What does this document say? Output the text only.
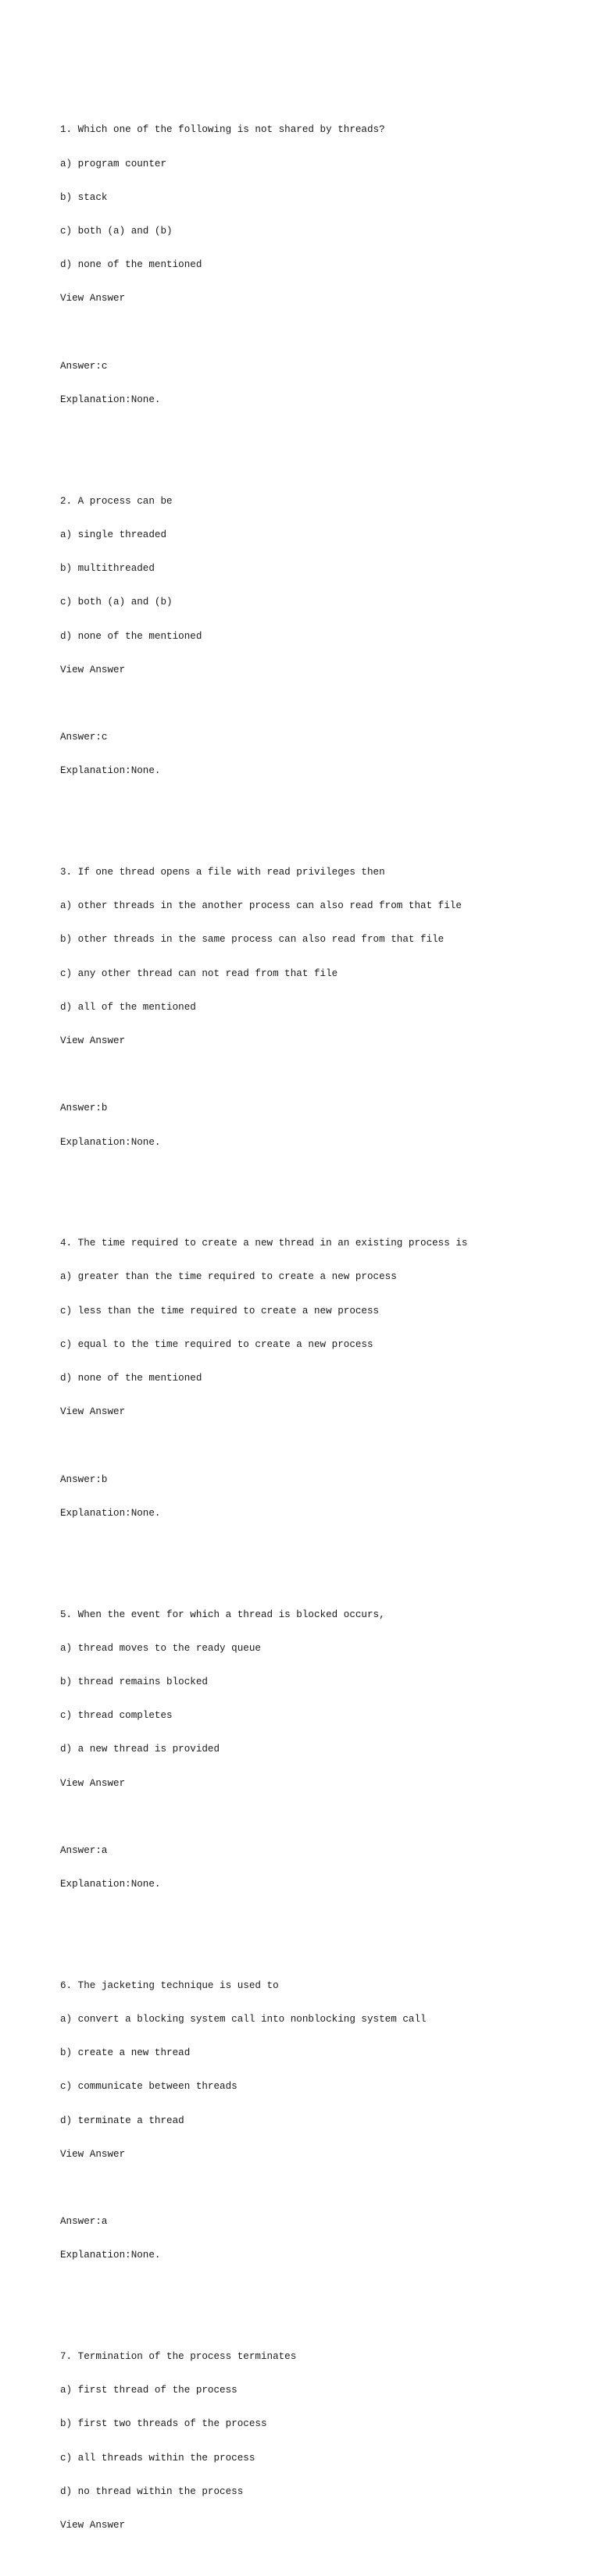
1. Which one of the following is not shared by threads?

a) program counter

b) stack

c) both (a) and (b)

d) none of the mentioned

View Answer

Answer:c

Explanation:None.

2. A process can be

a) single threaded

b) multithreaded

c) both (a) and (b)

d) none of the mentioned

View Answer

Answer:c

Explanation:None.

3. If one thread opens a file with read privileges then

a) other threads in the another process can also read from that file

b) other threads in the same process can also read from that file

c) any other thread can not read from that file

d) all of the mentioned

View Answer

Answer:b

Explanation:None.

4. The time required to create a new thread in an existing process is

a) greater than the time required to create a new process

c) less than the time required to create a new process

c) equal to the time required to create a new process

d) none of the mentioned

View Answer

Answer:b

Explanation:None.

5. When the event for which a thread is blocked occurs,

a) thread moves to the ready queue

b) thread remains blocked

c) thread completes

d) a new thread is provided

View Answer

Answer:a

Explanation:None.

6. The jacketing technique is used to

a) convert a blocking system call into nonblocking system call

b) create a new thread

c) communicate between threads

d) terminate a thread

View Answer

Answer:a

Explanation:None.

7. Termination of the process terminates

a) first thread of the process

b) first two threads of the process

c) all threads within the process

d) no thread within the process

View Answer
